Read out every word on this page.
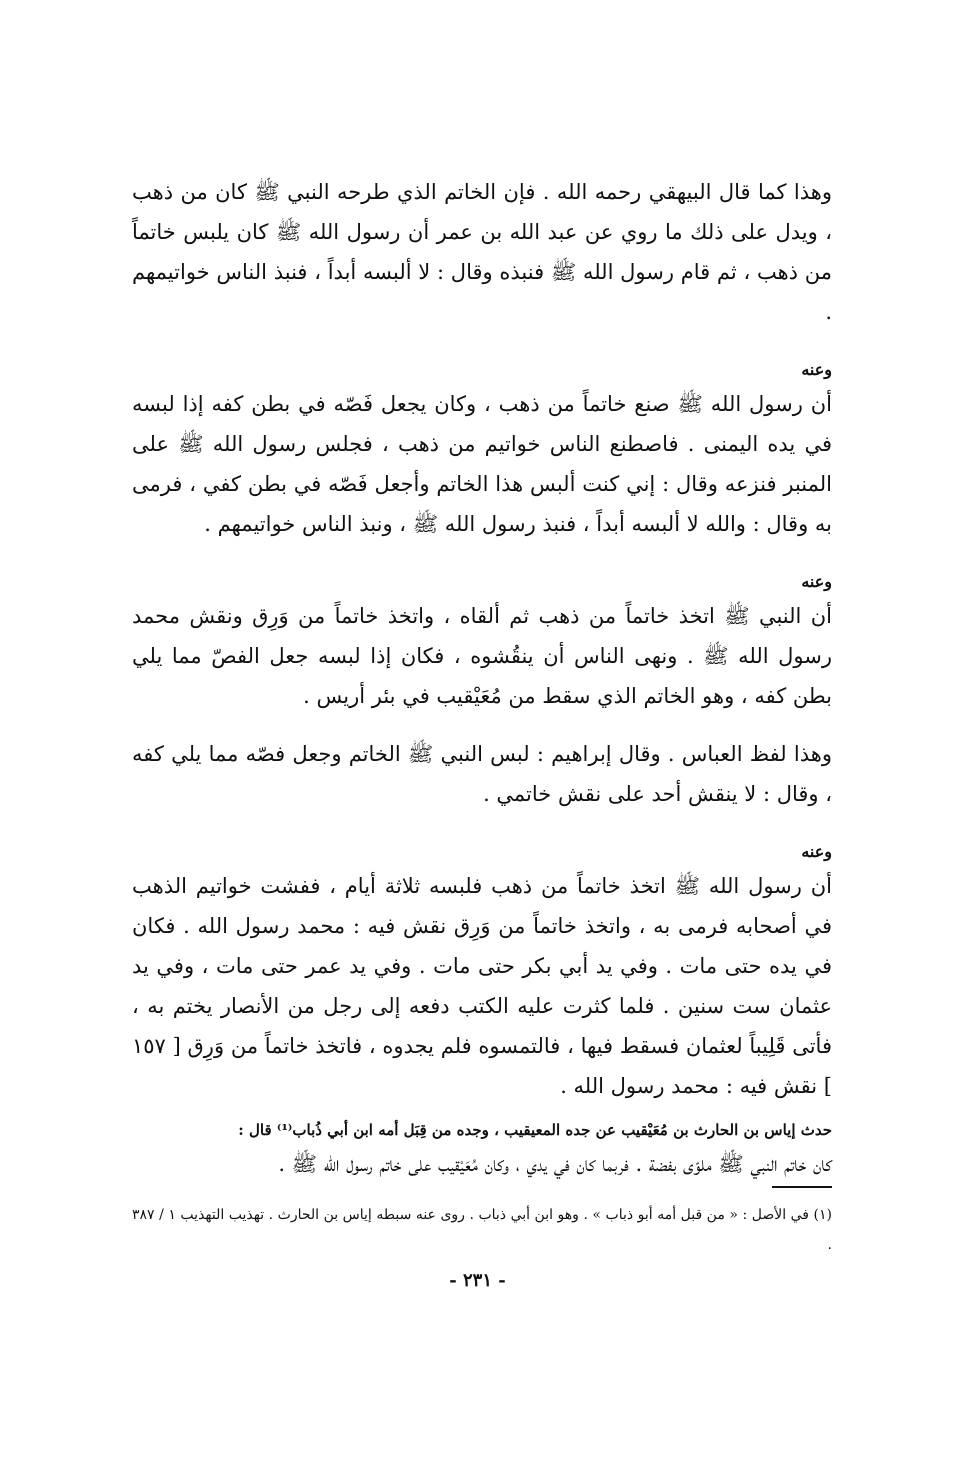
وهذا كما قال البيهقي رحمه الله . فإن الخاتم الذي طرحه النبي ﷺ كان من ذهب ، ويدل على ذلك ما روي عن عبد الله بن عمر أن رسول الله ﷺ كان يلبس خاتماً من ذهب ، ثم قام رسول الله ﷺ فنبذه وقال : لا ألبسه أبداً ، فنبذ الناس خواتيمهم .

وعنه

أن رسول الله ﷺ صنع خاتماً من ذهب ، وكان يجعل فَصّه في بطن كفه إذا لبسه في يده اليمنى . فاصطنع الناس خواتيم من ذهب ، فجلس رسول الله ﷺ على المنبر فنزعه وقال : إني كنت ألبس هذا الخاتم وأجعل فَصّه في بطن كفي ، فرمى به وقال : والله لا ألبسه أبداً ، فنبذ رسول الله ﷺ ، ونبذ الناس خواتيمهم .

وعنه

أن النبي ﷺ اتخذ خاتماً من ذهب ثم ألقاه ، واتخذ خاتماً من وَرِق ونقش محمد رسول الله ﷺ . ونهى الناس أن ينقُشوه ، فكان إذا لبسه جعل الفصّ مما يلي بطن كفه ، وهو الخاتم الذي سقط من مُعَيْقيب في بئر أريس .

وهذا لفظ العباس . وقال إبراهيم : لبس النبي ﷺ الخاتم وجعل فصّه مما يلي كفه ، وقال : لا ينقش أحد على نقش خاتمي .

وعنه

أن رسول الله ﷺ اتخذ خاتماً من ذهب فلبسه ثلاثة أيام ، ففشت خواتيم الذهب في أصحابه فرمى به ، واتخذ خاتماً من وَرِق نقش فيه : محمد رسول الله . فكان في يده حتى مات . وفي يد أبي بكر حتى مات . وفي يد عمر حتى مات ، وفي يد عثمان ست سنين . فلما كثرت عليه الكتب دفعه إلى رجل من الأنصار يختم به ، فأتى قَلِيباً لعثمان فسقط فيها ، فالتمسوه فلم يجدوه ، فاتخذ خاتماً من وَرِق [ ١٥٧ ] نقش فيه : محمد رسول الله .

حدث إياس بن الحارث بن مُعَيْقيب عن جده المعيقيب ، وجده من قِبَل أمه ابن أبي ذُباب⁽¹⁾ قال :

كان خاتم النبي ﷺ ملوّى بفضة . فربما كان في يدي ، وكان مُعَيْقيب على خاتم رسول الله ﷺ .

(١) في الأصل : « من قبل أمه أبو ذباب » . وهو ابن أبي ذباب . روى عنه سبطه إياس بن الحارث . تهذيب التهذيب ١ / ٣٨٧ .

- ٢٣١ -
